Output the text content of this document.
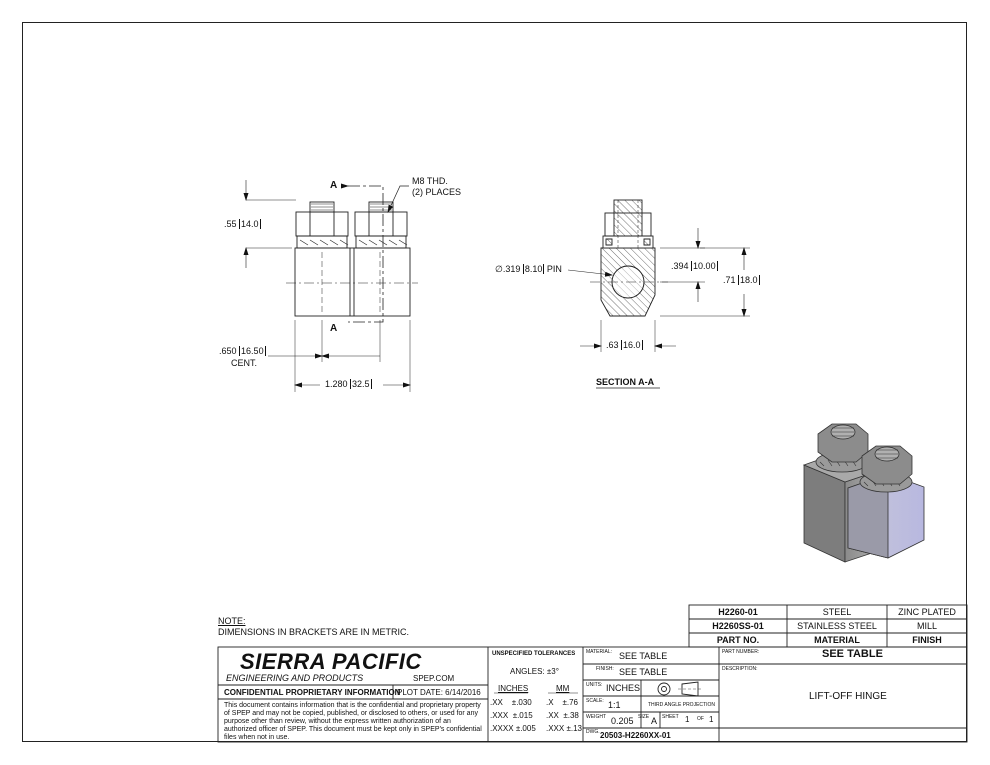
A
A
M8 THD.
(2) PLACES
.55 14.0
.650 16.50
CENT.
1.280 32.5
∅.319 8.10 PIN	.394 10.00
.71 18.0
.63 16.0
SECTION A-A
NOTE:
DIMENSIONS IN BRACKETS ARE IN METRIC.
H2260-01	STEEL	ZINC PLATED
H2260SS-01	STAINLESS STEEL	MILL
PART NO.	MATERIAL	FINISH
SIERRA PACIFIC
ENGINEERING AND PRODUCTS	SPEP.COM
CONFIDENTIAL PROPRIETARY INFORMATION
PLOT DATE: 6/14/2016
This document contains information that is the confidential and proprietary property of SPEP and may not be copied, published, or disclosed to others, or used for any purpose other than review, without the express written authorization of an authorized officer of SPEP. This document must be kept only in SPEP's confidential files when not in use.
UNSPECIFIED TOLERANCES
ANGLES: ±3°
INCHES	MM
.XX ±.030 .X ±.76
.XXX ±.015 .XX ±.38
.XXXX ±.005 .XXX ±.13
MATERIAL: SEE TABLE
FINISH: SEE TABLE
UNITS: INCHES
THIRD ANGLE PROJECTION
SCALE: 1:1
WEIGHT 0.205 SIZE A SHEET 1 OF 1
DWG. 20503-H2260XX-01
PART NUMBER:	SEE TABLE
DESCRIPTION:
LIFT-OFF HINGE
